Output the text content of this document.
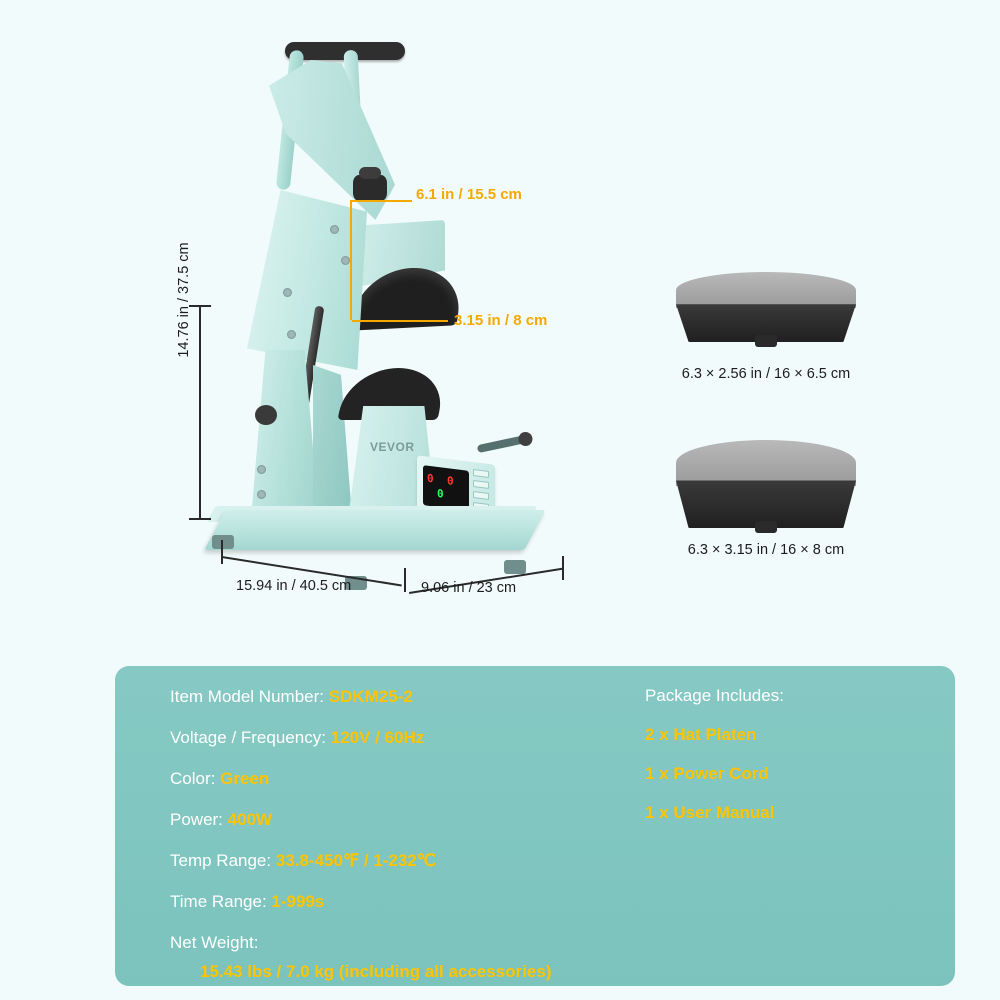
VEVOR
0 0
0
6.1 in / 15.5 cm
3.15 in / 8 cm
14.76 in / 37.5 cm
15.94 in / 40.5 cm	9.06 in / 23 cm
6.3 × 2.56 in / 16 × 6.5 cm
6.3 × 3.15 in / 16 × 8 cm
Item Model Number: SDKM25-2
Voltage / Frequency: 120V / 60Hz
Color: Green
Power: 400W
Temp Range: 33.8-450℉ / 1-232℃
Time Range: 1-999s
Net Weight:
15.43 lbs / 7.0 kg (including all accessories)
Package Includes:
2 x Hat Platen
1 x Power Cord
1 x User Manual
